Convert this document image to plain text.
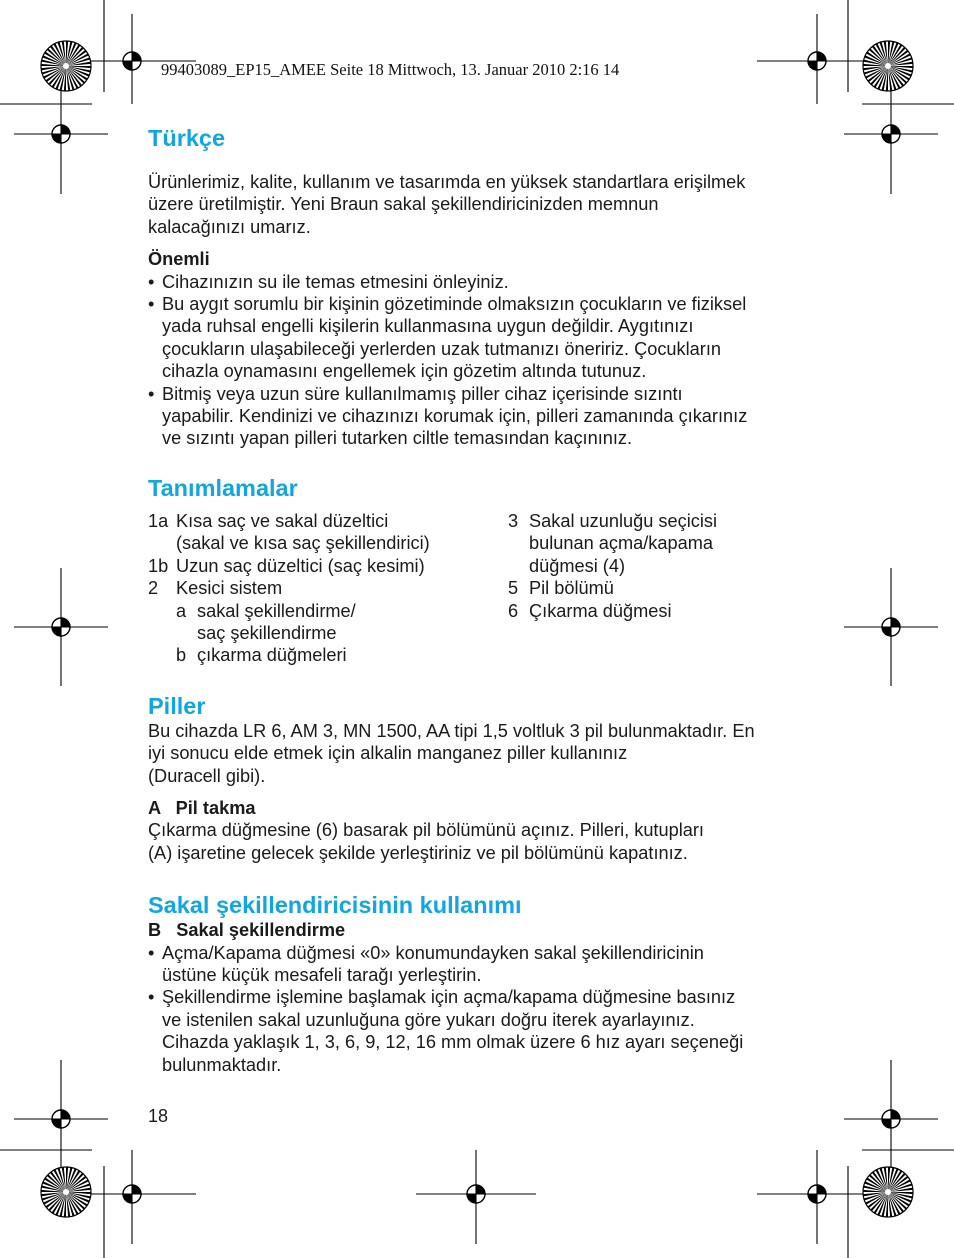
99403089_EP15_AMEE Seite 18 Mittwoch, 13. Januar 2010 2:16 14
Türkçe

Ürünlerimiz, kalite, kullanım ve tasarımda en yüksek standartlara erişilmek
üzere üretilmiştir. Yeni Braun sakal şekillendiricinizden memnun
kalacağınızı umarız.

Önemli

• Cihazınızın su ile temas etmesini önleyiniz.
• Bu aygıt sorumlu bir kişinin gözetiminde olmaksızın çocukların ve fiziksel
yada ruhsal engelli kişilerin kullanmasına uygun değildir. Aygıtınızı
çocukların ulaşabileceği yerlerden uzak tutmanızı öneririz. Çocukların
cihazla oynamasını engellemek için gözetim altında tutunuz.
• Bitmiş veya uzun süre kullanılmamış piller cihaz içerisinde sızıntı
yapabilir. Kendinizi ve cihazınızı korumak için, pilleri zamanında çıkarınız
ve sızıntı yapan pilleri tutarken ciltle temasından kaçınınız.
Tanımlamalar
1a Kısa saç ve sakal düzeltici
(sakal ve kısa saç şekillendirici)
1b Uzun saç düzeltici (saç kesimi)
2 Kesici sistem
a sakal şekillendirme/
saç şekillendirme
b çıkarma düğmeleri
3 Sakal uzunluğu seçicisi
bulunan açma/kapama
düğmesi (4)
5 Pil bölümü
6 Çıkarma düğmesi
Piller

Bu cihazda LR 6, AM 3, MN 1500, AA tipi 1,5 voltluk 3 pil bulunmaktadır. En
iyi sonucu elde etmek için alkalin manganez piller kullanınız
(Duracell gibi).

A   Pil takma

Çıkarma düğmesine (6) basarak pil bölümünü açınız. Pilleri, kutupları
(A) işaretine gelecek şekilde yerleştiriniz ve pil bölümünü kapatınız.

Sakal şekillendiricisinin kullanımı

B   Sakal şekillendirme

• Açma/Kapama düğmesi «0» konumundayken sakal şekillendiricinin
üstüne küçük mesafeli tarağı yerleştirin.
• Şekillendirme işlemine başlamak için açma/kapama düğmesine basınız
ve istenilen sakal uzunluğuna göre yukarı doğru iterek ayarlayınız.
Cihazda yaklaşık 1, 3, 6, 9, 12, 16 mm olmak üzere 6 hız ayarı seçeneği
bulunmaktadır.
18
